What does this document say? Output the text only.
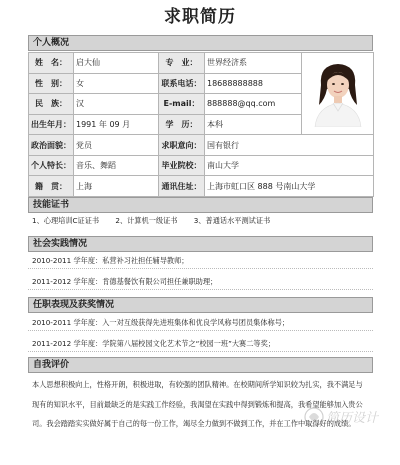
求职简历
个人概况
姓　名：	启大仙	专　业：	世界经济系	
性　别：	女	联系电话：	18688888888	
民　族：	汉	E-mail：	888888@qq.com	
出生年月：	1991 年 09 月	学　历：	本科	
政治面貌：	党员	求职意向：	国有银行	
个人特长：	音乐、舞蹈	毕业院校：	南山大学	
籍　贯：	上海	通讯住址：	上海市虹口区 888 号南山大学	
技能证书
1、心理培训C证证书 2、计算机一级证书 3、普通话水平测试证书
社会实践情况
2010-2011 学年度：私营补习社担任辅导教师；
2011-2012 学年度：肯德基餐饮有限公司担任兼职助理；
任职表现及获奖情况
2010-2011 学年度：入一对互级获得先进班集体和优良学风称号团员集体称号；
2011-2012 学年度：学院第八届校园文化艺术节之“校园一班”大赛二等奖；
自我评价
本人思想积极向上，性格开朗，积极进取，有较强的团队精神。在校期间所学知识较为扎实，我不满足与现有的知识水平，目前最缺乏的是实践工作经验，我渴望在实践中得到锻炼和提高，我希望能够加入贵公司。我会踏踏实实做好属于自己的每一份工作，竭尽全力做到不做到工作，并在工作中取得好的成绩。
简历设计
